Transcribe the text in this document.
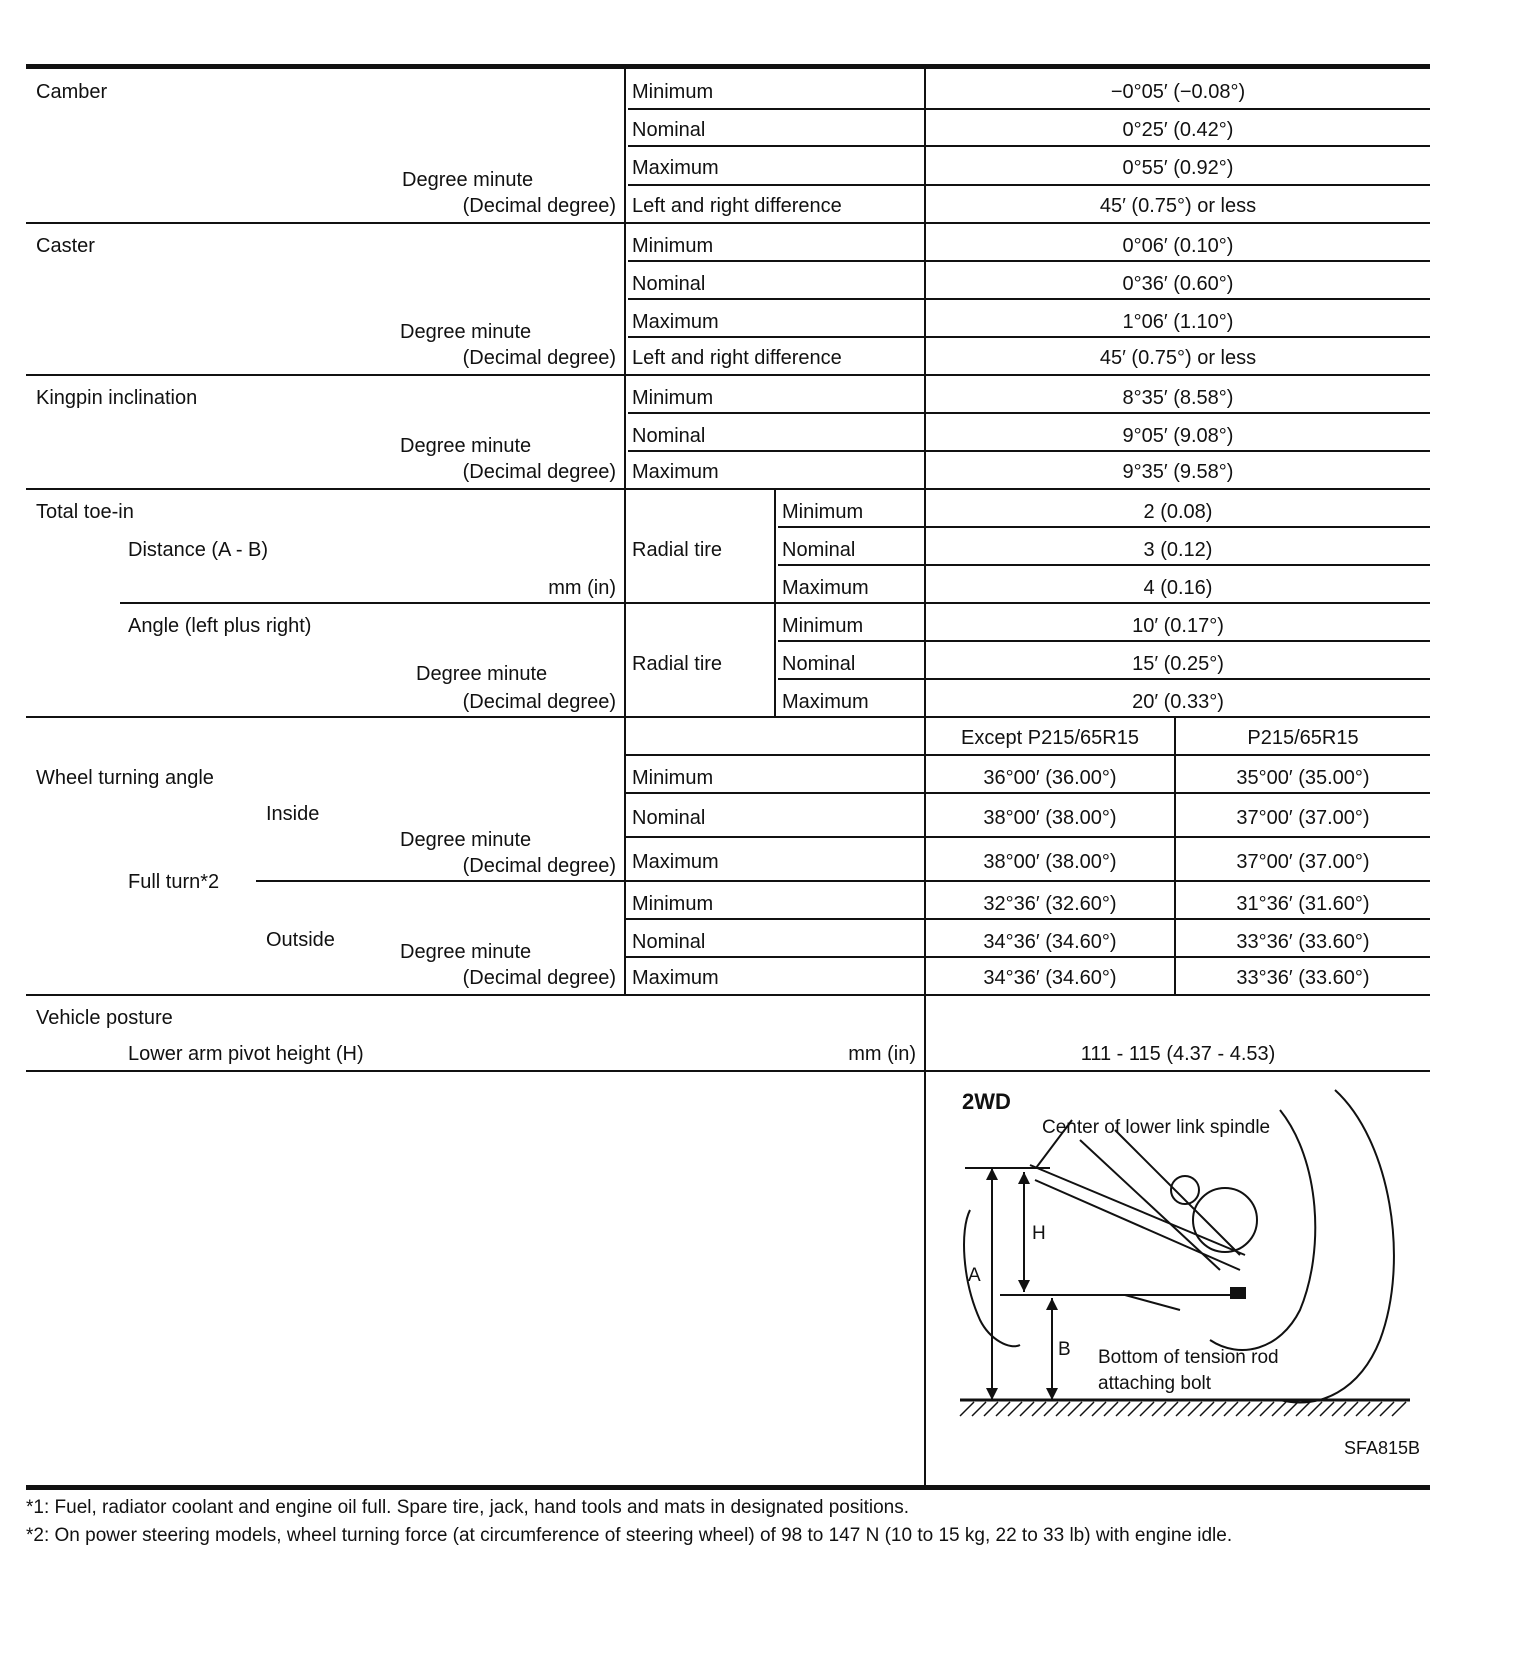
Camber
Degree minute
(Decimal degree)
Minimum	−0°05′ (−0.08°)
Nominal	0°25′ (0.42°)
Maximum	0°55′ (0.92°)
Left and right difference	45′ (0.75°) or less
Caster
Degree minute
(Decimal degree)
Minimum	0°06′ (0.10°)
Nominal	0°36′ (0.60°)
Maximum	1°06′ (1.10°)
Left and right difference	45′ (0.75°) or less
Kingpin inclination
Degree minute
(Decimal degree)
Minimum	8°35′ (8.58°)
Nominal	9°05′ (9.08°)
Maximum	9°35′ (9.58°)
Total toe-in
Distance (A - B)
mm (in)
Radial tire
Minimum	2 (0.08)
Nominal	3 (0.12)
Maximum	4 (0.16)
Angle (left plus right)
Degree minute
(Decimal degree)
Radial tire
Minimum	10′ (0.17°)
Nominal	15′ (0.25°)
Maximum	20′ (0.33°)
Except P215/65R15	P215/65R15
Wheel turning angle
Inside
Full turn*2
Degree minute
(Decimal degree)
Minimum	36°00′ (36.00°)	35°00′ (35.00°)
Nominal	38°00′ (38.00°)	37°00′ (37.00°)
Maximum	38°00′ (38.00°)	37°00′ (37.00°)
Outside
Degree minute
(Decimal degree)
Minimum	32°36′ (32.60°)	31°36′ (31.60°)
Nominal	34°36′ (34.60°)	33°36′ (33.60°)
Maximum	34°36′ (34.60°)	33°36′ (33.60°)
Vehicle posture
Lower arm pivot height (H)	mm (in)	111 - 115 (4.37 - 4.53)
2WD
Center of lower link spindle
H
A
B Bottom of tension rod
attaching bolt
SFA815B
*1: Fuel, radiator coolant and engine oil full. Spare tire, jack, hand tools and mats in designated positions.
*2: On power steering models, wheel turning force (at circumference of steering wheel) of 98 to 147 N (10 to 15 kg, 22 to 33 lb) with engine idle.
